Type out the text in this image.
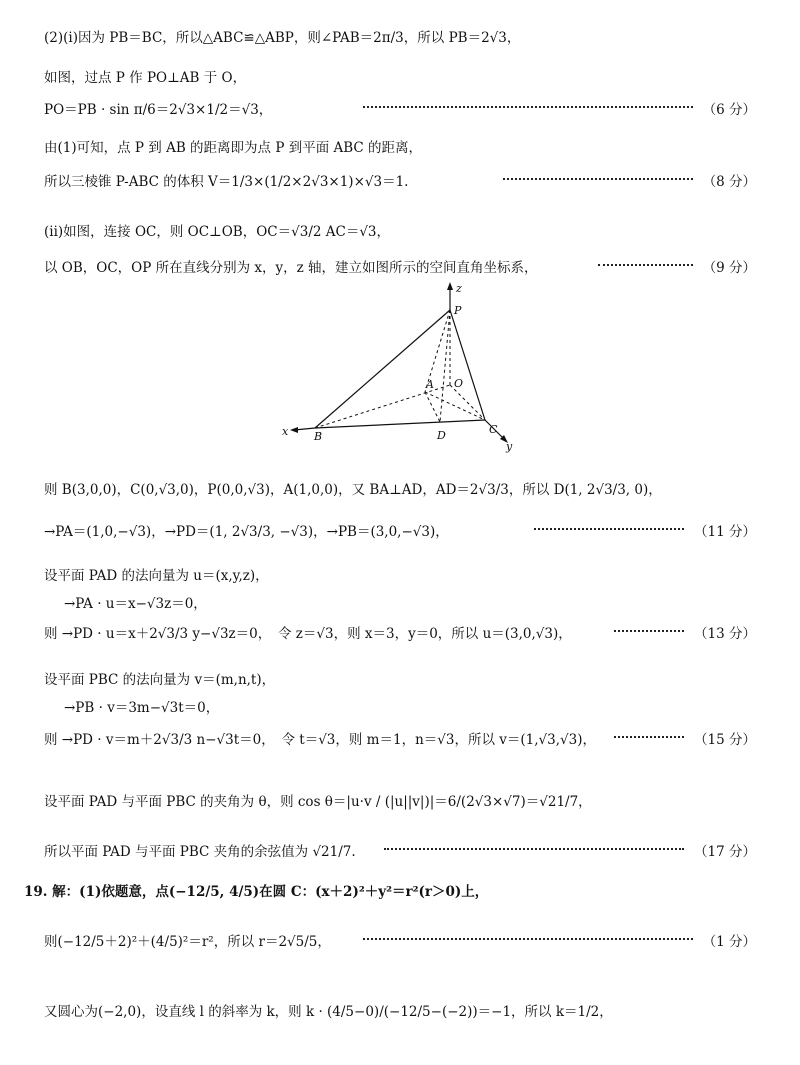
(2)(i)因为 PB＝BC，所以△ABC≌△ABP，则∠PAB＝2π/3，所以 PB＝2√3，
如图，过点 P 作 PO⊥AB 于 O，
PO＝PB · sin π/6＝2√3×1/2＝√3，	（6 分）
由(1)可知，点 P 到 AB 的距离即为点 P 到平面 ABC 的距离，
所以三棱锥 P-ABC 的体积 V＝1/3×(1/2×2√3×1)×√3＝1.	（8 分）
(ii)如图，连接 OC，则 OC⊥OB，OC＝√3/2 AC＝√3，
以 OB，OC，OP 所在直线分别为 x，y，z 轴，建立如图所示的空间直角坐标系，	（9 分）
z
P
A O
x B	D	C
y
则 B(3,0,0)，C(0,√3,0)，P(0,0,√3)，A(1,0,0)，又 BA⊥AD，AD＝2√3/3，所以 D(1, 2√3/3, 0)，
→PA＝(1,0,−√3)，→PD＝(1, 2√3/3, −√3)，→PB＝(3,0,−√3)，	（11 分）
设平面 PAD 的法向量为 u＝(x,y,z)，
→PA · u＝x−√3z＝0，
则 →PD · u＝x＋2√3/3 y−√3z＝0，　令 z＝√3，则 x＝3，y＝0，所以 u＝(3,0,√3)，	（13 分）
设平面 PBC 的法向量为 v＝(m,n,t)，
→PB · v＝3m−√3t＝0，
则 →PD · v＝m＋2√3/3 n−√3t＝0，　令 t＝√3，则 m＝1，n＝√3，所以 v＝(1,√3,√3)，	（15 分）
设平面 PAD 与平面 PBC 的夹角为 θ，则 cos θ＝|u·v / (|u||v|)|＝6/(2√3×√7)＝√21/7，
所以平面 PAD 与平面 PBC 夹角的余弦值为 √21/7.	（17 分）
19. 解：(1)依题意，点(−12/5, 4/5)在圆 C：(x＋2)²＋y²＝r²(r＞0)上，
则(−12/5＋2)²＋(4/5)²＝r²，所以 r＝2√5/5，	（1 分）
又圆心为(−2,0)，设直线 l 的斜率为 k，则 k · (4/5−0)/(−12/5−(−2))＝−1，所以 k＝1/2，
